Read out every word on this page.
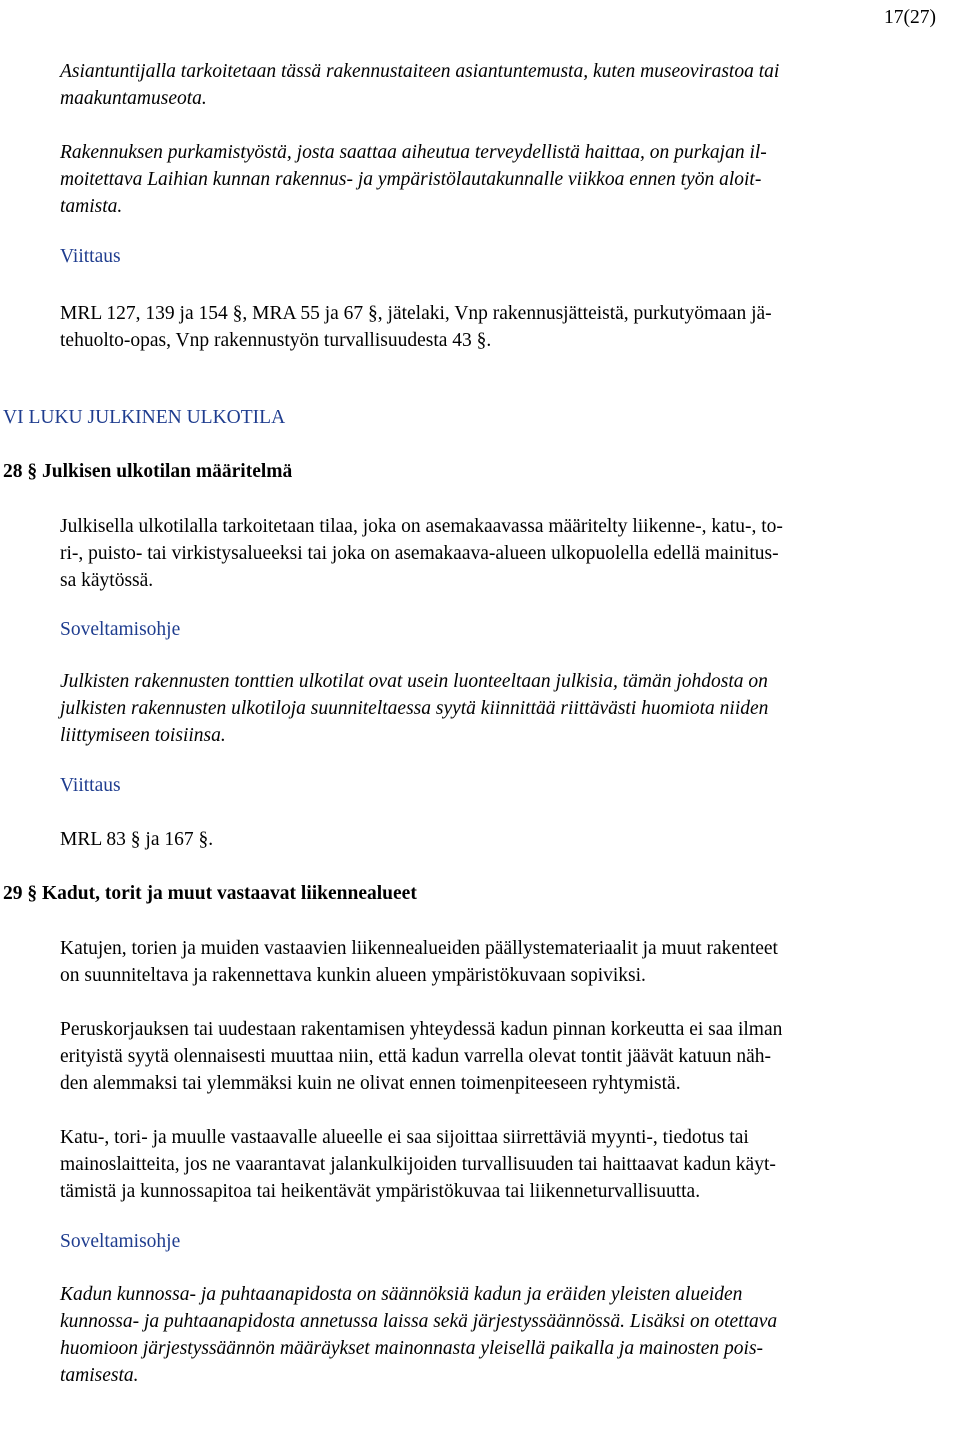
17(27)

Asiantuntijalla tarkoitetaan tässä rakennustaiteen asiantuntemusta, kuten museovirastoa tai
maakuntamuseota.

Rakennuksen purkamistyöstä, josta saattaa aiheutua terveydellistä haittaa, on purkajan il-
moitettava Laihian kunnan rakennus- ja ympäristölautakunnalle viikkoa ennen työn aloit-
tamista.

Viittaus

MRL 127, 139 ja 154 §, MRA 55 ja 67 §, jätelaki, Vnp rakennusjätteistä, purkutyömaan jä-
tehuolto-opas, Vnp rakennustyön turvallisuudesta 43 §.

VI LUKU JULKINEN ULKOTILA

28 § Julkisen ulkotilan määritelmä

Julkisella ulkotilalla tarkoitetaan tilaa, joka on asemakaavassa määritelty liikenne-, katu-, to-
ri-, puisto- tai virkistysalueeksi tai joka on asemakaava-alueen ulkopuolella edellä mainitus-
sa käytössä.

Soveltamisohje

Julkisten rakennusten tonttien ulkotilat ovat usein luonteeltaan julkisia, tämän johdosta on
julkisten rakennusten ulkotiloja suunniteltaessa syytä kiinnittää riittävästi huomiota niiden
liittymiseen toisiinsa.

Viittaus

MRL 83 § ja 167 §.

29 § Kadut, torit ja muut vastaavat liikennealueet

Katujen, torien ja muiden vastaavien liikennealueiden päällystemateriaalit ja muut rakenteet
on suunniteltava ja rakennettava kunkin alueen ympäristökuvaan sopiviksi.

Peruskorjauksen tai uudestaan rakentamisen yhteydessä kadun pinnan korkeutta ei saa ilman
erityistä syytä olennaisesti muuttaa niin, että kadun varrella olevat tontit jäävät katuun näh-
den alemmaksi tai ylemmäksi kuin ne olivat ennen toimenpiteeseen ryhtymistä.

Katu-, tori- ja muulle vastaavalle alueelle ei saa sijoittaa siirrettäviä myynti-, tiedotus tai
mainoslaitteita, jos ne vaarantavat jalankulkijoiden turvallisuuden tai haittaavat kadun käyt-
tämistä ja kunnossapitoa tai heikentävät ympäristökuvaa tai liikenneturvallisuutta.

Soveltamisohje

Kadun kunnossa- ja puhtaanapidosta on säännöksiä kadun ja eräiden yleisten alueiden
kunnossa- ja puhtaanapidosta annetussa laissa sekä järjestyssäännössä. Lisäksi on otettava
huomioon järjestyssäännön määräykset mainonnasta yleisellä paikalla ja mainosten pois-
tamisesta.
